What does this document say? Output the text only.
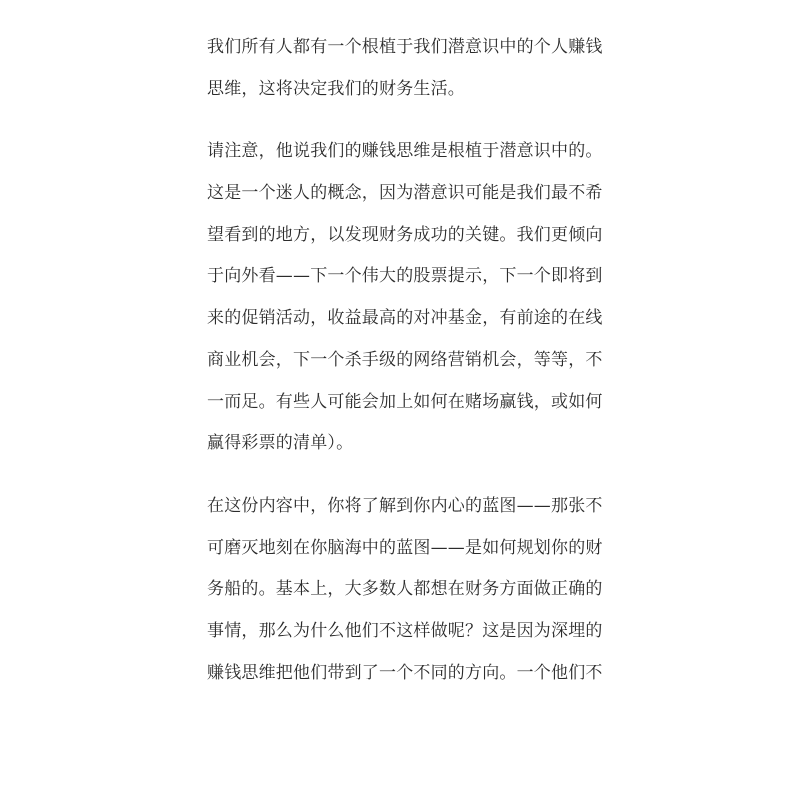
我们所有人都有一个根植于我们潜意识中的个人赚钱
思维，这将决定我们的财务生活。
请注意，他说我们的赚钱思维是根植于潜意识中的。
这是一个迷人的概念，因为潜意识可能是我们最不希
望看到的地方，以发现财务成功的关键。我们更倾向
于向外看——下一个伟大的股票提示，下一个即将到
来的促销活动，收益最高的对冲基金，有前途的在线
商业机会，下一个杀手级的网络营销机会，等等，不
一而足。有些人可能会加上如何在赌场赢钱，或如何
赢得彩票的清单）。
在这份内容中，你将了解到你内心的蓝图——那张不
可磨灭地刻在你脑海中的蓝图——是如何规划你的财
务船的。基本上，大多数人都想在财务方面做正确的
事情，那么为什么他们不这样做呢？这是因为深埋的
赚钱思维把他们带到了一个不同的方向。一个他们不
